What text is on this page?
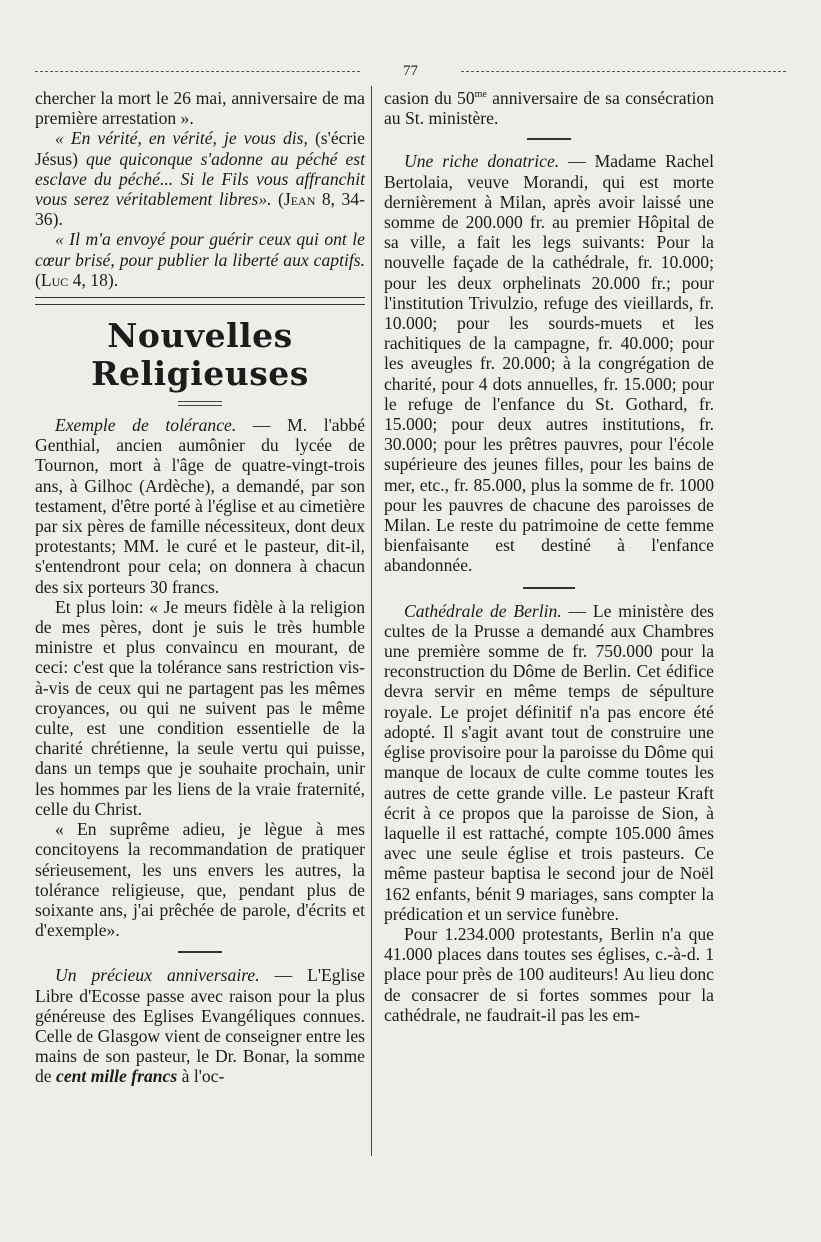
77

chercher la mort le 26 mai, anniversaire de ma première arrestation ».

« En vérité, en vérité, je vous dis, (s'écrie Jésus) que quiconque s'adonne au péché est esclave du péché... Si le Fils vous affranchit vous serez véritablement libres». (Jean 8, 34-36).

« Il m'a envoyé pour guérir ceux qui ont le cœur brisé, pour publier la liberté aux captifs. (Luc 4, 18).

Nouvelles Religieuses

Exemple de tolérance. — M. l'abbé Genthial, ancien aumônier du lycée de Tournon, mort à l'âge de quatre-vingt-trois ans, à Gilhoc (Ardèche), a demandé, par son testament, d'être porté à l'église et au cimetière par six pères de famille nécessiteux, dont deux protestants; MM. le curé et le pasteur, dit-il, s'entendront pour cela; on donnera à chacun des six porteurs 30 francs.

Et plus loin: « Je meurs fidèle à la religion de mes pères, dont je suis le très humble ministre et plus convaincu en mourant, de ceci: c'est que la tolérance sans restriction vis-à-vis de ceux qui ne partagent pas les mêmes croyances, ou qui ne suivent pas le même culte, est une condition essentielle de la charité chrétienne, la seule vertu qui puisse, dans un temps que je souhaite prochain, unir les hommes par les liens de la vraie fraternité, celle du Christ.

« En suprême adieu, je lègue à mes concitoyens la recommandation de pratiquer sérieusement, les uns envers les autres, la tolérance religieuse, que, pendant plus de soixante ans, j'ai prêchée de parole, d'écrits et d'exemple».

Un précieux anniversaire. — L'Eglise Libre d'Ecosse passe avec raison pour la plus généreuse des Eglises Evangéliques connues. Celle de Glasgow vient de conseigner entre les mains de son pasteur, le Dr. Bonar, la somme de cent mille francs à l'oc-

casion du $50^{me}$ anniversaire de sa consécration au St. ministère.

Une riche donatrice. — Madame Rachel Bertolaia, veuve Morandi, qui est morte dernièrement à Milan, après avoir laissé une somme de 200.000 fr. au premier Hôpital de sa ville, a fait les legs suivants: Pour la nouvelle façade de la cathédrale, fr. 10.000; pour les deux orphelinats 20.000 fr.; pour l'institution Trivulzio, refuge des vieillards, fr. 10.000; pour les sourds-muets et les rachitiques de la campagne, fr. 40.000; pour les aveugles fr. 20.000; à la congrégation de charité, pour 4 dots annuelles, fr. 15.000; pour le refuge de l'enfance du St. Gothard, fr. 15.000; pour deux autres institutions, fr. 30.000; pour les prêtres pauvres, pour l'école supérieure des jeunes filles, pour les bains de mer, etc., fr. 85.000, plus la somme de fr. 1000 pour les pauvres de chacune des paroisses de Milan. Le reste du patrimoine de cette femme bienfaisante est destiné à l'enfance abandonnée.

Cathédrale de Berlin. — Le ministère des cultes de la Prusse a demandé aux Chambres une première somme de fr. 750.000 pour la reconstruction du Dôme de Berlin. Cet édifice devra servir en même temps de sépulture royale. Le projet définitif n'a pas encore été adopté. Il s'agit avant tout de construire une église provisoire pour la paroisse du Dôme qui manque de locaux de culte comme toutes les autres de cette grande ville. Le pasteur Kraft écrit à ce propos que la paroisse de Sion, à laquelle il est rattaché, compte 105.000 âmes avec une seule église et trois pasteurs. Ce même pasteur baptisa le second jour de Noël 162 enfants, bénit 9 mariages, sans compter la prédication et un service funèbre.

Pour 1.234.000 protestants, Berlin n'a que 41.000 places dans toutes ses églises, c.-à-d. 1 place pour près de 100 auditeurs! Au lieu donc de consacrer de si fortes sommes pour la cathédrale, ne faudrait-il pas les em-
